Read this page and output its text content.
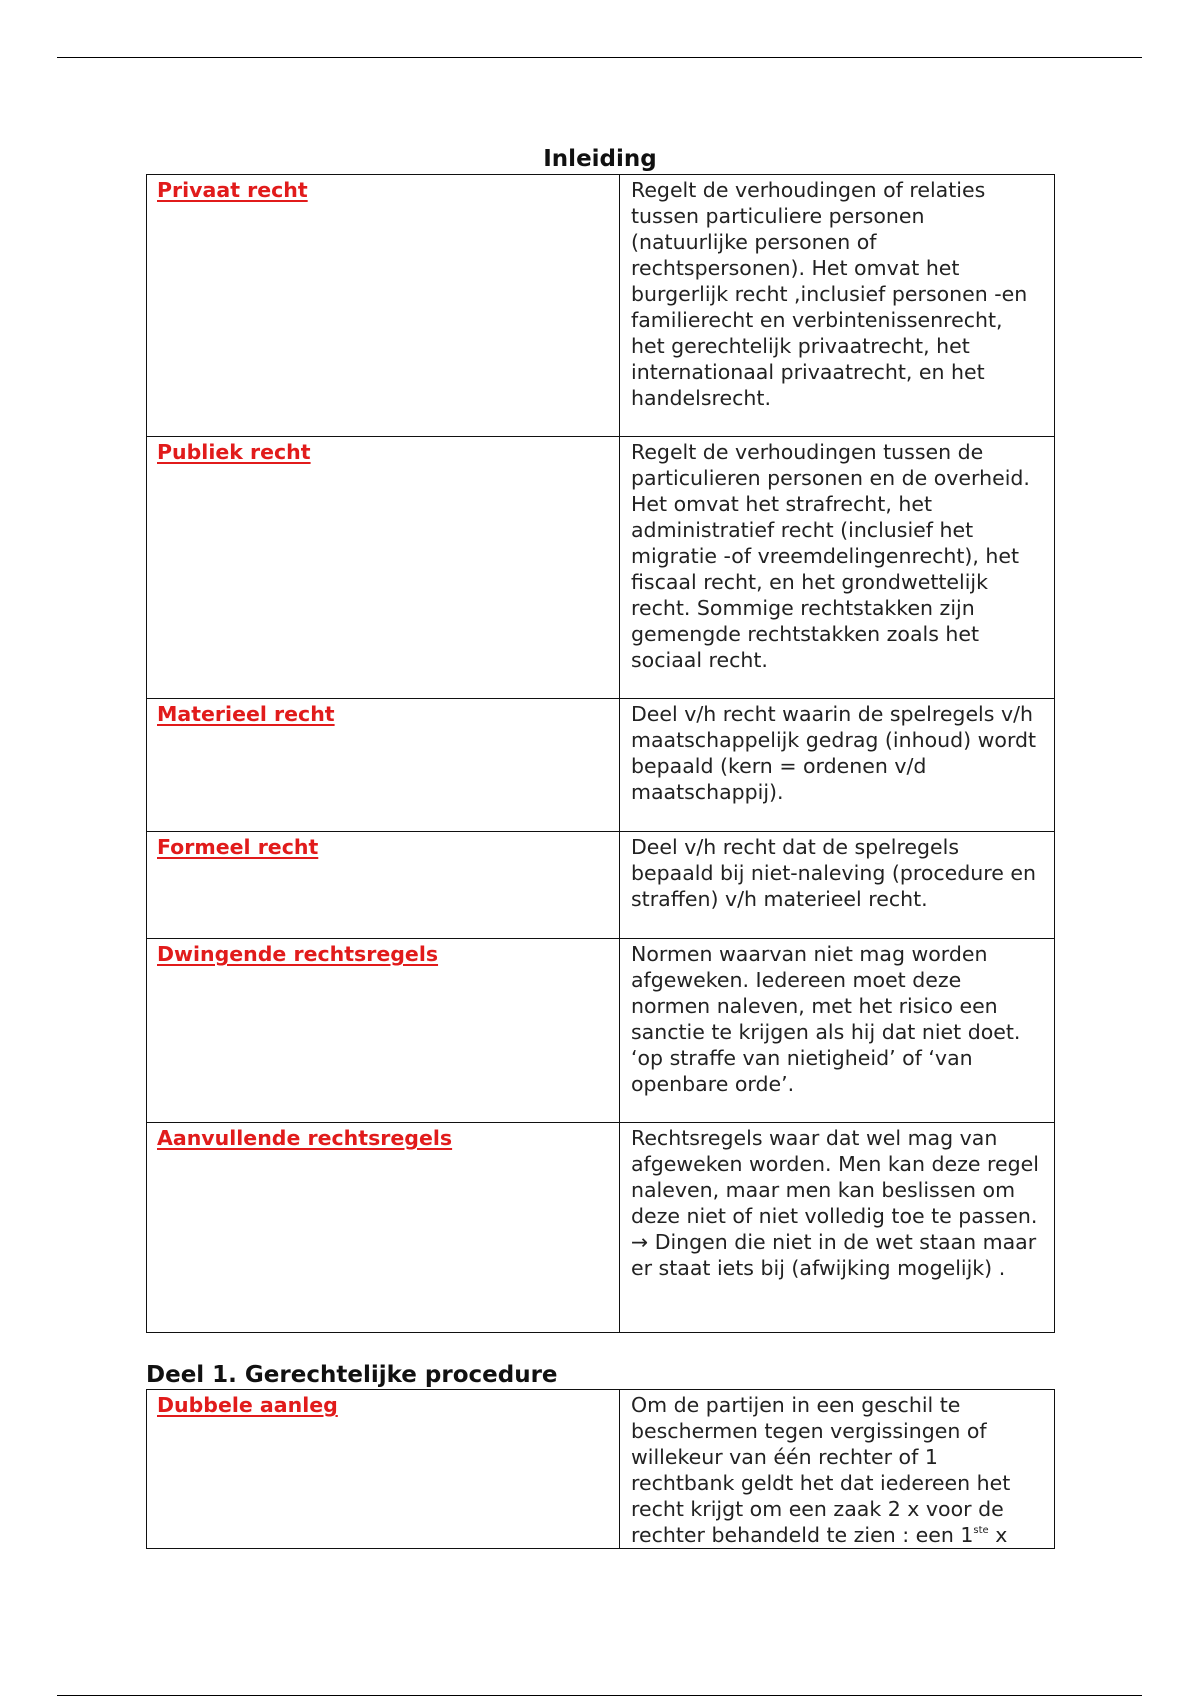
Inleiding
Privaat recht	Regelt de verhoudingen of relaties tussen particuliere personen (natuurlijke personen of rechtspersonen). Het omvat het burgerlijk recht ,inclusief personen -en familierecht en verbintenissenrecht, het gerechtelijk privaatrecht, het internationaal privaatrecht, en het handelsrecht.

Publiek recht	Regelt de verhoudingen tussen de particulieren personen en de overheid. Het omvat het strafrecht, het administratief recht (inclusief het migratie -of vreemdelingenrecht), het fiscaal recht, en het grondwettelijk recht. Sommige rechtstakken zijn gemengde rechtstakken zoals het sociaal recht.

Materieel recht	Deel v/h recht waarin de spelregels v/h maatschappelijk gedrag (inhoud) wordt bepaald (kern = ordenen v/d maatschappij).

Formeel recht	Deel v/h recht dat de spelregels bepaald bij niet-naleving (procedure en straffen) v/h materieel recht.

Dwingende rechtsregels	Normen waarvan niet mag worden afgeweken. Iedereen moet deze normen naleven, met het risico een sanctie te krijgen als hij dat niet doet. ‘op straffe van nietigheid’ of ‘van openbare orde’.

Aanvullende rechtsregels	Rechtsregels waar dat wel mag van afgeweken worden. Men kan deze regel naleven, maar men kan beslissen om deze niet of niet volledig toe te passen. → Dingen die niet in de wet staan maar er staat iets bij (afwijking mogelijk) .

Deel 1. Gerechtelijke procedure
Dubbele aanleg	Om de partijen in een geschil te beschermen tegen vergissingen of willekeur van één rechter of 1 rechtbank geldt het dat iedereen het recht krijgt om een zaak 2 x voor de rechter behandeld te zien : een 1ste x
